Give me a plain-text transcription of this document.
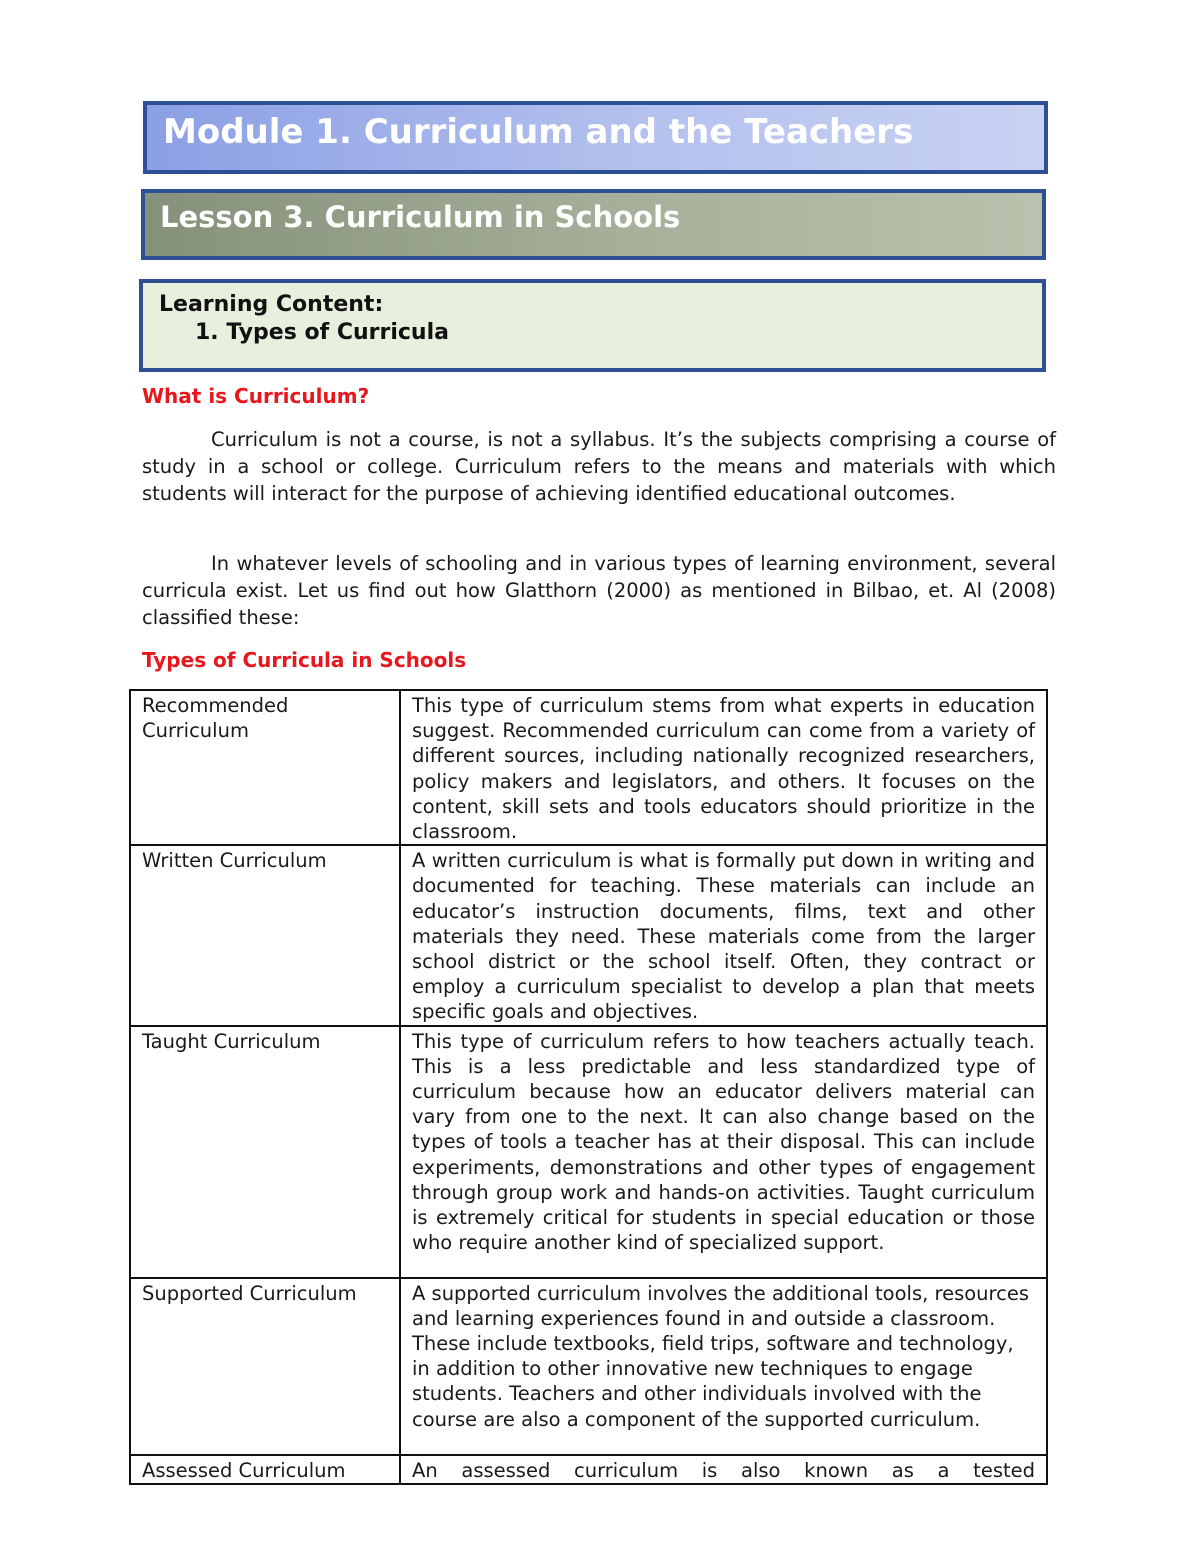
Module 1. Curriculum and the Teachers
Lesson 3. Curriculum in Schools
Learning Content:
1. Types of Curricula
What is Curriculum?

Curriculum is not a course, is not a syllabus. It’s the subjects comprising a course of study in a school or college. Curriculum refers to the means and materials with which students will interact for the purpose of achieving identified educational outcomes.

In whatever levels of schooling and in various types of learning environment, several curricula exist. Let us find out how Glatthorn (2000) as mentioned in Bilbao, et. Al (2008) classified these:

Types of Curricula in Schools
Recommended Curriculum	This type of curriculum stems from what experts in education suggest. Recommended curriculum can come from a variety of different sources, including nationally recognized researchers, policy makers and legislators, and others. It focuses on the content, skill sets and tools educators should prioritize in the classroom.
Written Curriculum	A written curriculum is what is formally put down in writing and documented for teaching. These materials can include an educator’s instruction documents, films, text and other materials they need. These materials come from the larger school district or the school itself. Often, they contract or employ a curriculum specialist to develop a plan that meets specific goals and objectives.
Taught Curriculum	This type of curriculum refers to how teachers actually teach. This is a less predictable and less standardized type of curriculum because how an educator delivers material can vary from one to the next. It can also change based on the types of tools a teacher has at their disposal. This can include experiments, demonstrations and other types of engagement through group work and hands-on activities. Taught curriculum is extremely critical for students in special education or those who require another kind of specialized support.
Supported Curriculum	A supported curriculum involves the additional tools, resources and learning experiences found in and outside a classroom. These include textbooks, field trips, software and technology, in addition to other innovative new techniques to engage students. Teachers and other individuals involved with the course are also a component of the supported curriculum.
Assessed Curriculum	An assessed curriculum is also known as a tested
